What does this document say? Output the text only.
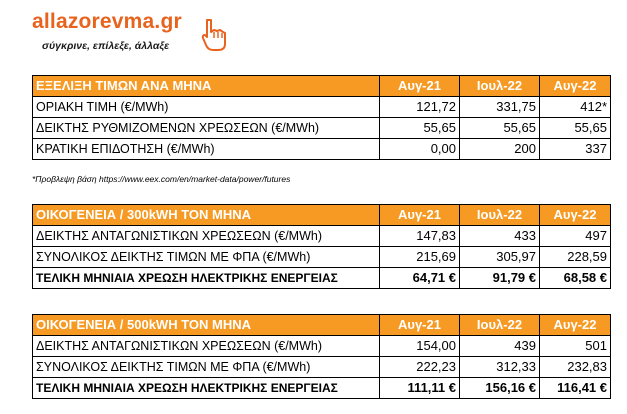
allazorevma.gr
σύγκρινε, επίλεξε, άλλαξε
ΕΞΕΛΙΞΗ ΤΙΜΩΝ ΑΝΑ ΜΗΝΑ	Αυγ-21	Ιουλ-22	Αυγ-22
ΟΡΙΑΚΗ ΤΙΜΗ (€/MWh)	121,72	331,75	412*
ΔΕΙΚΤΗΣ ΡΥΘΜΙΖΟΜΕΝΩΝ ΧΡΕΩΣΕΩΝ (€/MWh)	55,65	55,65	55,65
ΚΡΑΤΙΚΗ ΕΠΙΔΟΤΗΣΗ (€/MWh)	0,00	200	337
*Προβλεψη βάση https://www.eex.com/en/market-data/power/futures
ΟΙΚΟΓΕΝΕΙΑ / 300kWH ΤΟΝ ΜΗΝΑ	Αυγ-21	Ιουλ-22	Αυγ-22
ΔΕΙΚΤΗΣ ΑΝΤΑΓΩΝΙΣΤΙΚΩΝ ΧΡΕΩΣΕΩΝ (€/MWh)	147,83	433	497
ΣΥΝΟΛΙΚΟΣ ΔΕΙΚΤΗΣ ΤΙΜΩΝ ΜΕ ΦΠΑ (€/MWh)	215,69	305,97	228,59
ΤΕΛΙΚΗ ΜΗΝΙΑΙΑ ΧΡΕΩΣΗ ΗΛΕΚΤΡΙΚΗΣ ΕΝΕΡΓΕΙΑΣ	64,71 €	91,79 €	68,58 €
ΟΙΚΟΓΕΝΕΙΑ / 500kWH ΤΟΝ ΜΗΝΑ	Αυγ-21	Ιουλ-22	Αυγ-22
ΔΕΙΚΤΗΣ ΑΝΤΑΓΩΝΙΣΤΙΚΩΝ ΧΡΕΩΣΕΩΝ (€/MWh)	154,00	439	501
ΣΥΝΟΛΙΚΟΣ ΔΕΙΚΤΗΣ ΤΙΜΩΝ ΜΕ ΦΠΑ (€/MWh)	222,23	312,33	232,83
ΤΕΛΙΚΗ ΜΗΝΙΑΙΑ ΧΡΕΩΣΗ ΗΛΕΚΤΡΙΚΗΣ ΕΝΕΡΓΕΙΑΣ	111,11 €	156,16 €	116,41 €
